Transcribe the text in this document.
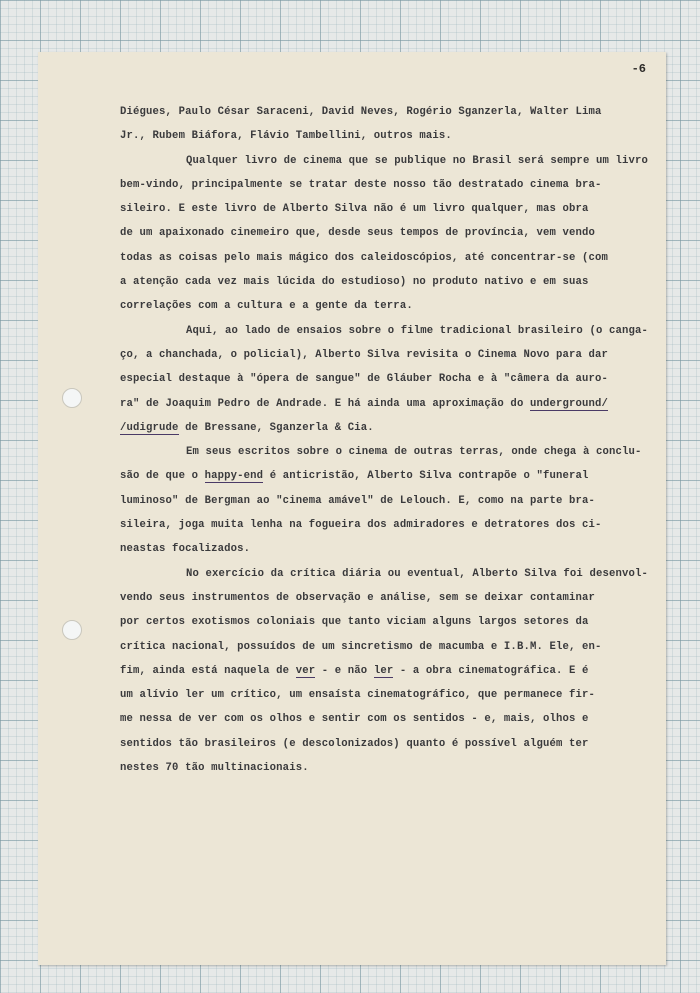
-6
Diégues, Paulo César Saraceni, David Neves, Rogério Sganzerla, Walter Lima
Jr., Rubem Biáfora, Flávio Tambellini, outros mais.
Qualquer livro de cinema que se publique no Brasil será sempre um livro
bem-vindo, principalmente se tratar deste nosso tão destratado cinema bra-
sileiro. E este livro de Alberto Silva não é um livro qualquer, mas obra
de um apaixonado cinemeiro que, desde seus tempos de província, vem vendo
todas as coisas pelo mais mágico dos caleidoscópios, até concentrar-se (com
a atenção cada vez mais lúcida do estudioso) no produto nativo e em suas
correlações com a cultura e a gente da terra.
Aqui, ao lado de ensaios sobre o filme tradicional brasileiro (o canga-
ço, a chanchada, o policial), Alberto Silva revisita o Cinema Novo para dar
especial destaque à "ópera de sangue" de Gláuber Rocha e à "câmera da auro-
ra" de Joaquim Pedro de Andrade. E há ainda uma aproximação do underground/
/udigrude de Bressane, Sganzerla & Cia.
Em seus escritos sobre o cinema de outras terras, onde chega à conclu-
são de que o happy-end é anticristão, Alberto Silva contrapõe o "funeral
luminoso" de Bergman ao "cinema amável" de Lelouch. E, como na parte bra-
sileira, joga muita lenha na fogueira dos admiradores e detratores dos ci-
neastas focalizados.
No exercício da crítica diária ou eventual, Alberto Silva foi desenvol-
vendo seus instrumentos de observação e análise, sem se deixar contaminar
por certos exotismos coloniais que tanto viciam alguns largos setores da
crítica nacional, possuídos de um sincretismo de macumba e I.B.M. Ele, en-
fim, ainda está naquela de ver - e não ler - a obra cinematográfica. E é
um alívio ler um crítico, um ensaísta cinematográfico, que permanece fir-
me nessa de ver com os olhos e sentir com os sentidos - e, mais, olhos e
sentidos tão brasileiros (e descolonizados) quanto é possível alguém ter
nestes 70 tão multinacionais.
